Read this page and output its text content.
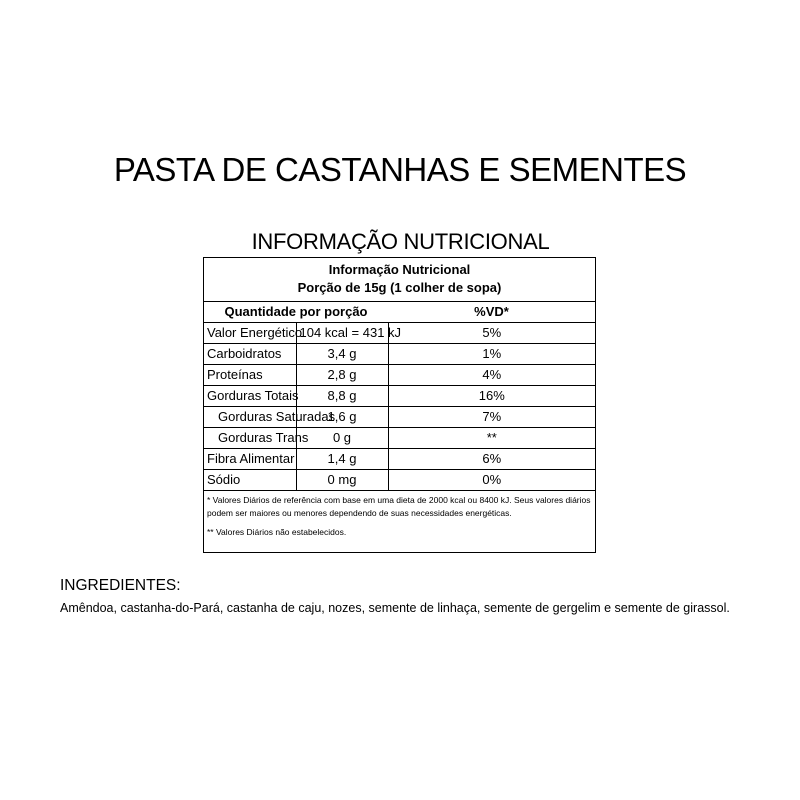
PASTA DE CASTANHAS E SEMENTES
INFORMAÇÃO NUTRICIONAL
Informação Nutricional
Porção de 15g (1 colher de sopa)
Quantidade por porção		%VD*
Valor Energético	104 kcal = 431 kJ	5%
Carboidratos	3,4 g	1%
Proteínas	2,8 g	4%
Gorduras Totais	8,8 g	16%
Gorduras Saturadas	1,6 g	7%
Gorduras Trans	0 g	**
Fibra Alimentar	1,4 g	6%
Sódio	0 mg	0%

* Valores Diários de referência com base em uma dieta de 2000 kcal ou 8400 kJ. Seus valores diários podem ser maiores ou menores dependendo de suas necessidades energéticas.

** Valores Diários não estabelecidos.

INGREDIENTES:
Amêndoa, castanha-do-Pará, castanha de caju, nozes, semente de linhaça, semente de gergelim e semente de girassol.
